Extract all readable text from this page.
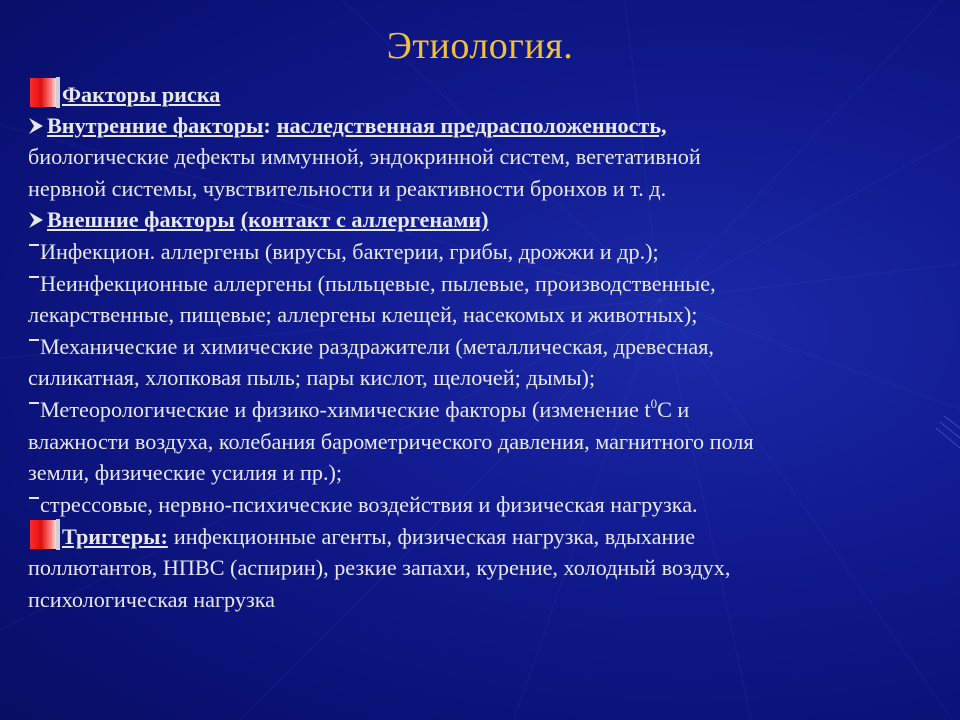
Этиология.
Факторы риска
Внутренние факторы: наследственная предрасположенность,
биологические дефекты иммунной, эндокринной систем, вегетативной
нервной системы, чувствительности и реактивности бронхов и т. д.
Внешние факторы (контакт с аллергенами)
Инфекцион. аллергены (вирусы, бактерии, грибы, дрожжи и др.);
Неинфекционные аллергены (пыльцевые, пылевые, производственные,
лекарственные, пищевые; аллергены клещей, насекомых и животных);
Механические и химические раздражители (металлическая, древесная,
силикатная, хлопковая пыль; пары кислот, щелочей; дымы);
Метеорологические и физико-химические факторы (изменение $t^0С$ и
влажности воздуха, колебания барометрического давления, магнитного поля
земли, физические усилия и пр.);
стрессовые, нервно-психические воздействия и физическая нагрузка.
Триггеры: инфекционные агенты, физическая нагрузка, вдыхание
поллютантов, НПВС (аспирин), резкие запахи, курение, холодный воздух,
психологическая нагрузка
